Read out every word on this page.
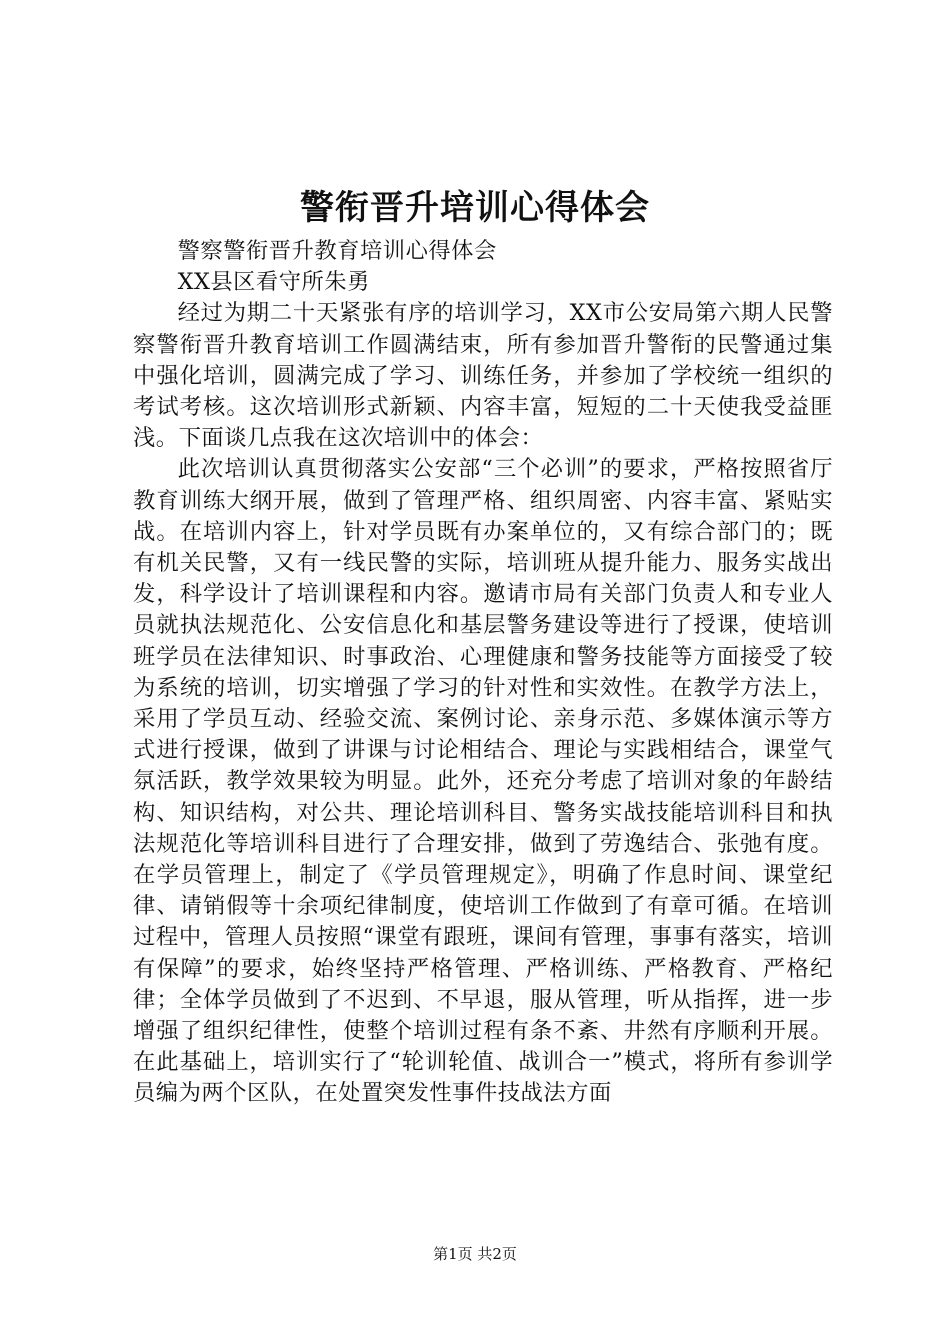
警衔晋升培训心得体会

警察警衔晋升教育培训心得体会

XX县区看守所朱勇

经过为期二十天紧张有序的培训学习，XX市公安局第六期人民警察警衔晋升教育培训工作圆满结束，所有参加晋升警衔的民警通过集中强化培训，圆满完成了学习、训练任务，并参加了学校统一组织的考试考核。这次培训形式新颖、内容丰富，短短的二十天使我受益匪浅。下面谈几点我在这次培训中的体会：

此次培训认真贯彻落实公安部“三个必训”的要求，严格按照省厅教育训练大纲开展，做到了管理严格、组织周密、内容丰富、紧贴实战。在培训内容上，针对学员既有办案单位的，又有综合部门的；既有机关民警，又有一线民警的实际，培训班从提升能力、服务实战出发，科学设计了培训课程和内容。邀请市局有关部门负责人和专业人员就执法规范化、公安信息化和基层警务建设等进行了授课，使培训班学员在法律知识、时事政治、心理健康和警务技能等方面接受了较为系统的培训，切实增强了学习的针对性和实效性。在教学方法上，采用了学员互动、经验交流、案例讨论、亲身示范、多媒体演示等方式进行授课，做到了讲课与讨论相结合、理论与实践相结合，课堂气氛活跃，教学效果较为明显。此外，还充分考虑了培训对象的年龄结构、知识结构，对公共、理论培训科目、警务实战技能培训科目和执法规范化等培训科目进行了合理安排，做到了劳逸结合、张弛有度。在学员管理上，制定了《学员管理规定》，明确了作息时间、课堂纪律、请销假等十余项纪律制度，使培训工作做到了有章可循。在培训过程中，管理人员按照“课堂有跟班，课间有管理，事事有落实，培训有保障”的要求，始终坚持严格管理、严格训练、严格教育、严格纪律；全体学员做到了不迟到、不早退，服从管理，听从指挥，进一步增强了组织纪律性，使整个培训过程有条不紊、井然有序顺利开展。在此基础上，培训实行了“轮训轮值、战训合一”模式，将所有参训学员编为两个区队，在处置突发性事件技战法方面

第1页 共2页
